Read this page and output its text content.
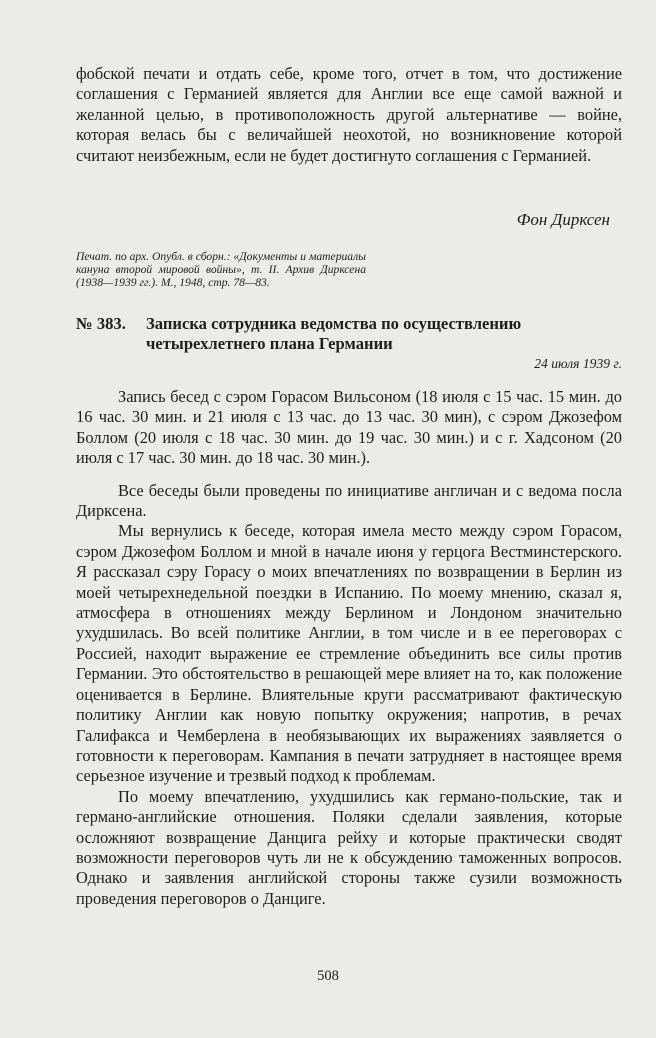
фобской печати и отдать себе, кроме того, отчет в том, что достижение соглашения с Германией является для Англии все еще самой важной и желанной целью, в противоположность другой альтернативе — войне, которая велась бы с величайшей неохотой, но возникновение которой считают неизбежным, если не будет достигнуто соглашения с Германией.

Фон Дирксен

Печат. по арх. Опубл. в сборн.: «Документы и материалы кануна второй мировой войны», т. II. Архив Дирксена (1938—1939 гг.). М., 1948, стр. 78—83.

№ 383. Записка сотрудника ведомства по осуществлению
четырехлетнего плана Германии
24 июля 1939 г.

Запись бесед с сэром Горасом Вильсоном (18 июля с 15 час. 15 мин. до 16 час. 30 мин. и 21 июля с 13 час. до 13 час. 30 мин), с сэром Джозефом Боллом (20 июля с 18 час. 30 мин. до 19 час. 30 мин.) и с г. Хадсоном (20 июля с 17 час. 30 мин. до 18 час. 30 мин.).

Все беседы были проведены по инициативе англичан и с ведома посла Дирксена.

Мы вернулись к беседе, которая имела место между сэром Горасом, сэром Джозефом Боллом и мной в начале июня у герцога Вестминстерского. Я рассказал сэру Горасу о моих впечатлениях по возвращении в Берлин из моей четырехнедельной поездки в Испанию. По моему мнению, сказал я, атмосфера в отношениях между Берлином и Лондоном значительно ухудшилась. Во всей политике Англии, в том числе и в ее переговорах с Россией, находит выражение ее стремление объединить все силы против Германии. Это обстоятельство в решающей мере влияет на то, как положение оценивается в Берлине. Влиятельные круги рассматривают фактическую политику Англии как новую попытку окружения; напротив, в речах Галифакса и Чемберлена в необязывающих их выражениях заявляется о готовности к переговорам. Кампания в печати затрудняет в настоящее время серьезное изучение и трезвый подход к проблемам.

По моему впечатлению, ухудшились как германо-польские, так и германо-английские отношения. Поляки сделали заявления, которые осложняют возвращение Данцига рейху и которые практически сводят возможности переговоров чуть ли не к обсуждению таможенных вопросов. Однако и заявления английской стороны также сузили возможность проведения переговоров о Данциге.

508
